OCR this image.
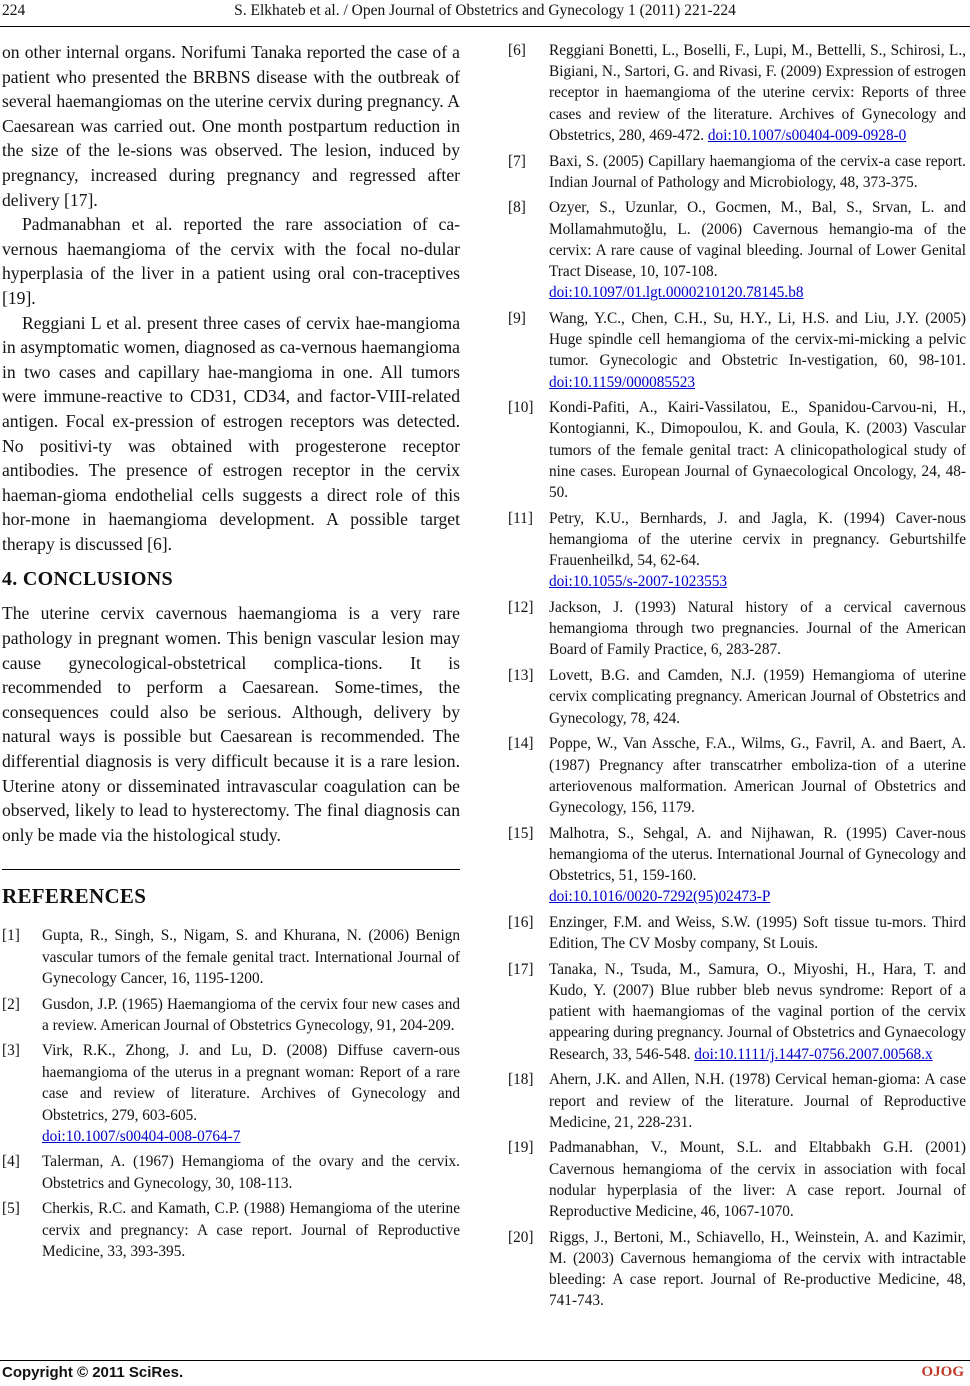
224	S. Elkhateb et al. / Open Journal of Obstetrics and Gynecology 1 (2011) 221-224

on other internal organs. Norifumi Tanaka reported the case of a patient who presented the BRBNS disease with the outbreak of several haemangiomas on the uterine cervix during pregnancy. A Caesarean was carried out. One month postpartum reduction in the size of the le-sions was observed. The lesion, induced by pregnancy, increased during pregnancy and regressed after delivery [17].

Padmanabhan et al. reported the rare association of ca-vernous haemangioma of the cervix with the focal no-dular hyperplasia of the liver in a patient using oral con-traceptives [19].

Reggiani L et al. present three cases of cervix hae-mangioma in asymptomatic women, diagnosed as ca-vernous haemangioma in two cases and capillary hae-mangioma in one. All tumors were immune-reactive to CD31, CD34, and factor-VIII-related antigen. Focal ex-pression of estrogen receptors was detected. No positivi-ty was obtained with progesterone receptor antibodies. The presence of estrogen receptor in the cervix haeman-gioma endothelial cells suggests a direct role of this hor-mone in haemangioma development. A possible target therapy is discussed [6].

4. CONCLUSIONS

The uterine cervix cavernous haemangioma is a very rare pathology in pregnant women. This benign vascular lesion may cause gynecological-obstetrical complica-tions. It is recommended to perform a Caesarean. Some-times, the consequences could also be serious. Although, delivery by natural ways is possible but Caesarean is recommended. The differential diagnosis is very difficult because it is a rare lesion. Uterine atony or disseminated intravascular coagulation can be observed, likely to lead to hysterectomy. The final diagnosis can only be made via the histological study.

REFERENCES
[1]	Gupta, R., Singh, S., Nigam, S. and Khurana, N. (2006) Benign vascular tumors of the female genital tract. International Journal of Gynecology Cancer, 16, 1195-1200.
[2]	Gusdon, J.P. (1965) Haemangioma of the cervix four new cases and a review. American Journal of Obstetrics Gynecology, 91, 204-209.
[3]	Virk, R.K., Zhong, J. and Lu, D. (2008) Diffuse cavern-ous haemangioma of the uterus in a pregnant woman: Report of a rare case and review of literature. Archives of Gynecology and Obstetrics, 279, 603-605.
doi:10.1007/s00404-008-0764-7
[4]	Talerman, A. (1967) Hemangioma of the ovary and the cervix. Obstetrics and Gynecology, 30, 108-113.
[5]	Cherkis, R.C. and Kamath, C.P. (1988) Hemangioma of the uterine cervix and pregnancy: A case report. Journal of Reproductive Medicine, 33, 393-395.
[6]	Reggiani Bonetti, L., Boselli, F., Lupi, M., Bettelli, S., Schirosi, L., Bigiani, N., Sartori, G. and Rivasi, F. (2009) Expression of estrogen receptor in haemangioma of the uterine cervix: Reports of three cases and review of the literature. Archives of Gynecology and Obstetrics, 280, 469-472. doi:10.1007/s00404-009-0928-0
[7]	Baxi, S. (2005) Capillary haemangioma of the cervix-a case report. Indian Journal of Pathology and Microbiology, 48, 373-375.
[8]	Ozyer, S., Uzunlar, O., Gocmen, M., Bal, S., Srvan, L. and Mollamahmutoğlu, L. (2006) Cavernous hemangio-ma of the cervix: A rare cause of vaginal bleeding. Journal of Lower Genital Tract Disease, 10, 107-108.
doi:10.1097/01.lgt.0000210120.78145.b8
[9]	Wang, Y.C., Chen, C.H., Su, H.Y., Li, H.S. and Liu, J.Y. (2005) Huge spindle cell hemangioma of the cervix-mi-micking a pelvic tumor. Gynecologic and Obstetric In-vestigation, 60, 98-101. doi:10.1159/000085523
[10]	Kondi-Pafiti, A., Kairi-Vassilatou, E., Spanidou-Carvou-ni, H., Kontogianni, K., Dimopoulou, K. and Goula, K. (2003) Vascular tumors of the female genital tract: A clinicopathological study of nine cases. European Journal of Gynaecological Oncology, 24, 48-50.
[11]	Petry, K.U., Bernhards, J. and Jagla, K. (1994) Caver-nous hemangioma of the uterine cervix in pregnancy. Geburtshilfe Frauenheilkd, 54, 62-64.
doi:10.1055/s-2007-1023553
[12]	Jackson, J. (1993) Natural history of a cervical cavernous hemangioma through two pregnancies. Journal of the American Board of Family Practice, 6, 283-287.
[13]	Lovett, B.G. and Camden, N.J. (1959) Hemangioma of uterine cervix complicating pregnancy. American Journal of Obstetrics and Gynecology, 78, 424.
[14]	Poppe, W., Van Assche, F.A., Wilms, G., Favril, A. and Baert, A. (1987) Pregnancy after transcatrher emboliza-tion of a uterine arteriovenous malformation. American Journal of Obstetrics and Gynecology, 156, 1179.
[15]	Malhotra, S., Sehgal, A. and Nijhawan, R. (1995) Caver-nous hemangioma of the uterus. International Journal of Gynecology and Obstetrics, 51, 159-160.
doi:10.1016/0020-7292(95)02473-P
[16]	Enzinger, F.M. and Weiss, S.W. (1995) Soft tissue tu-mors. Third Edition, The CV Mosby company, St Louis.
[17]	Tanaka, N., Tsuda, M., Samura, O., Miyoshi, H., Hara, T. and Kudo, Y. (2007) Blue rubber bleb nevus syndrome: Report of a patient with haemangiomas of the vaginal portion of the cervix appearing during pregnancy. Journal of Obstetrics and Gynaecology Research, 33, 546-548. doi:10.1111/j.1447-0756.2007.00568.x
[18]	Ahern, J.K. and Allen, N.H. (1978) Cervical heman-gioma: A case report and review of the literature. Journal of Reproductive Medicine, 21, 228-231.
[19]	Padmanabhan, V., Mount, S.L. and Eltabbakh G.H. (2001) Cavernous hemangioma of the cervix in association with focal nodular hyperplasia of the liver: A case report. Journal of Reproductive Medicine, 46, 1067-1070.
[20]	Riggs, J., Bertoni, M., Schiavello, H., Weinstein, A. and Kazimir, M. (2003) Cavernous hemangioma of the cervix with intractable bleeding: A case report. Journal of Re-productive Medicine, 48, 741-743.
Copyright © 2011 SciRes.	OJOG
